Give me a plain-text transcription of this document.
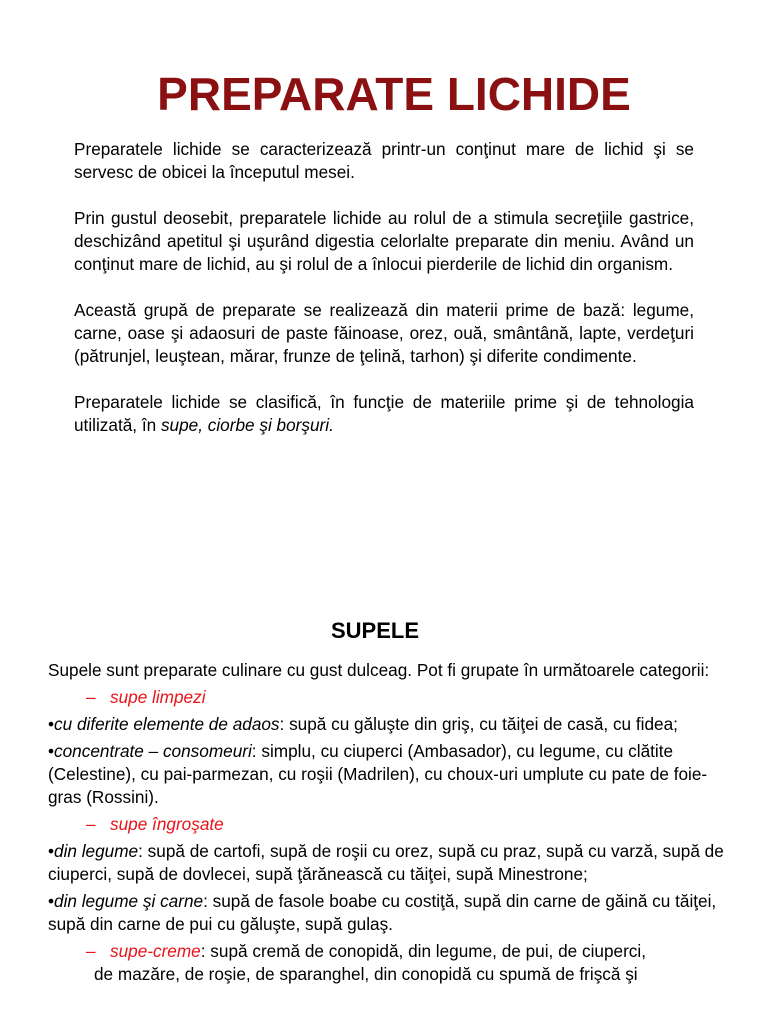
PREPARATE LICHIDE

Preparatele lichide se caracterizează printr-un conţinut mare de lichid şi se servesc de obicei la începutul mesei.

Prin gustul deosebit, preparatele lichide au rolul de a stimula secreţiile gastrice, deschizând apetitul şi uşurând digestia celorlalte preparate din meniu. Având un conţinut mare de lichid, au şi rolul de a înlocui pierderile de lichid din organism.

Această grupă de preparate se realizează din materii prime de bază: legume, carne, oase şi adaosuri de paste făinoase, orez, ouă, smântână, lapte, verdeţuri (pătrunjel, leuştean, mărar, frunze de ţelină, tarhon) şi diferite condimente.

Preparatele lichide se clasifică, în funcţie de materiile prime şi de tehnologia utilizată, în supe, ciorbe şi borşuri.

SUPELE

Supele sunt preparate culinare cu gust dulceag. Pot fi grupate în următoarele categorii:

– supe limpezi

•cu diferite elemente de adaos: supă cu găluşte din griş, cu tăiţei de casă, cu fidea;

•concentrate – consomeuri: simplu, cu ciuperci (Ambasador), cu legume, cu clătite (Celestine), cu pai-parmezan, cu roşii (Madrilen), cu choux-uri umplute cu pate de foie-gras (Rossini).

– supe îngroşate

•din legume: supă de cartofi, supă de roşii cu orez, supă cu praz, supă cu varză, supă de ciuperci, supă de dovlecei, supă ţărănească cu tăiţei, supă Minestrone;

•din legume şi carne: supă de fasole boabe cu costiţă, supă din carne de găină cu tăiţei, supă din carne de pui cu găluşte, supă gulaş.

– supe-creme: supă cremă de conopidă, din legume, de pui, de ciuperci,

de mazăre, de roşie, de sparanghel, din conopidă cu spumă de frişcă şi
